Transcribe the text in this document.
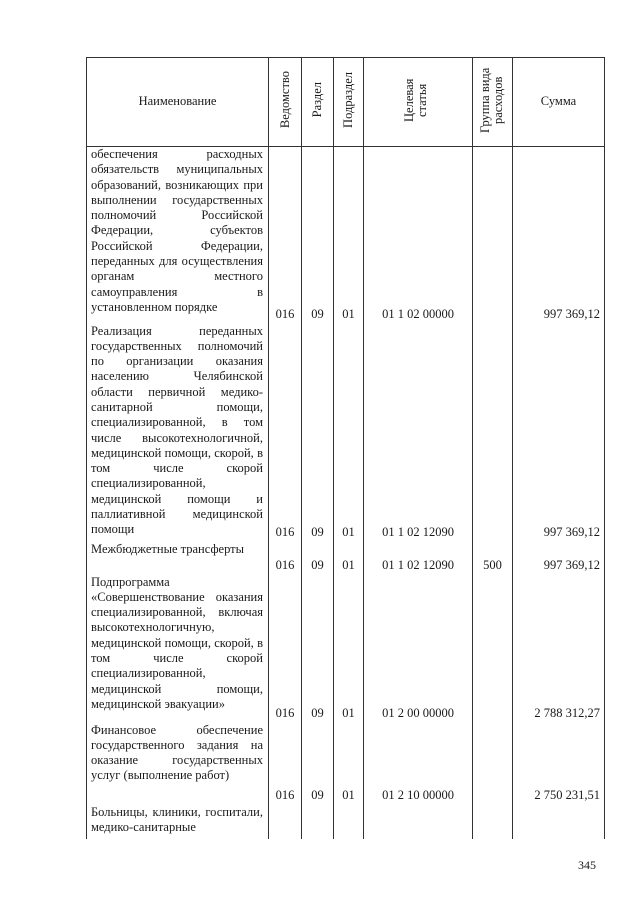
Наименование	Ведомство	Раздел	Подраздел	Целевая статья	Группа вида расходов	Сумма

обеспечения расходных обязательств муниципальных образований, возникающих при выполнении государственных полномочий Российской Федерации, субъектов Российской Федерации, переданных для осуществления органам местного самоуправления в установленном порядке	016	09	01	01 1 02 00000		997 369,12

Реализация переданных государственных полномочий по организации оказания населению Челябинской области первичной медико-санитарной помощи, специализированной, в том числе высокотехнологичной, медицинской помощи, скорой, в том числе скорой специализированной, медицинской помощи и паллиативной медицинской помощи	016	09	01	01 1 02 12090		997 369,12

Межбюджетные трансферты	016	09	01	01 1 02 12090	500	997 369,12

Подпрограмма «Совершенствование оказания специализированной, включая высокотехнологичную, медицинской помощи, скорой, в том числе скорой специализированной, медицинской помощи, медицинской эвакуации»	016	09	01	01 2 00 00000		2 788 312,27

Финансовое обеспечение государственного задания на оказание государственных услуг (выполнение работ)	016	09	01	01 2 10 00000		2 750 231,51

Больницы, клиники, госпитали, медико-санитарные						

345
